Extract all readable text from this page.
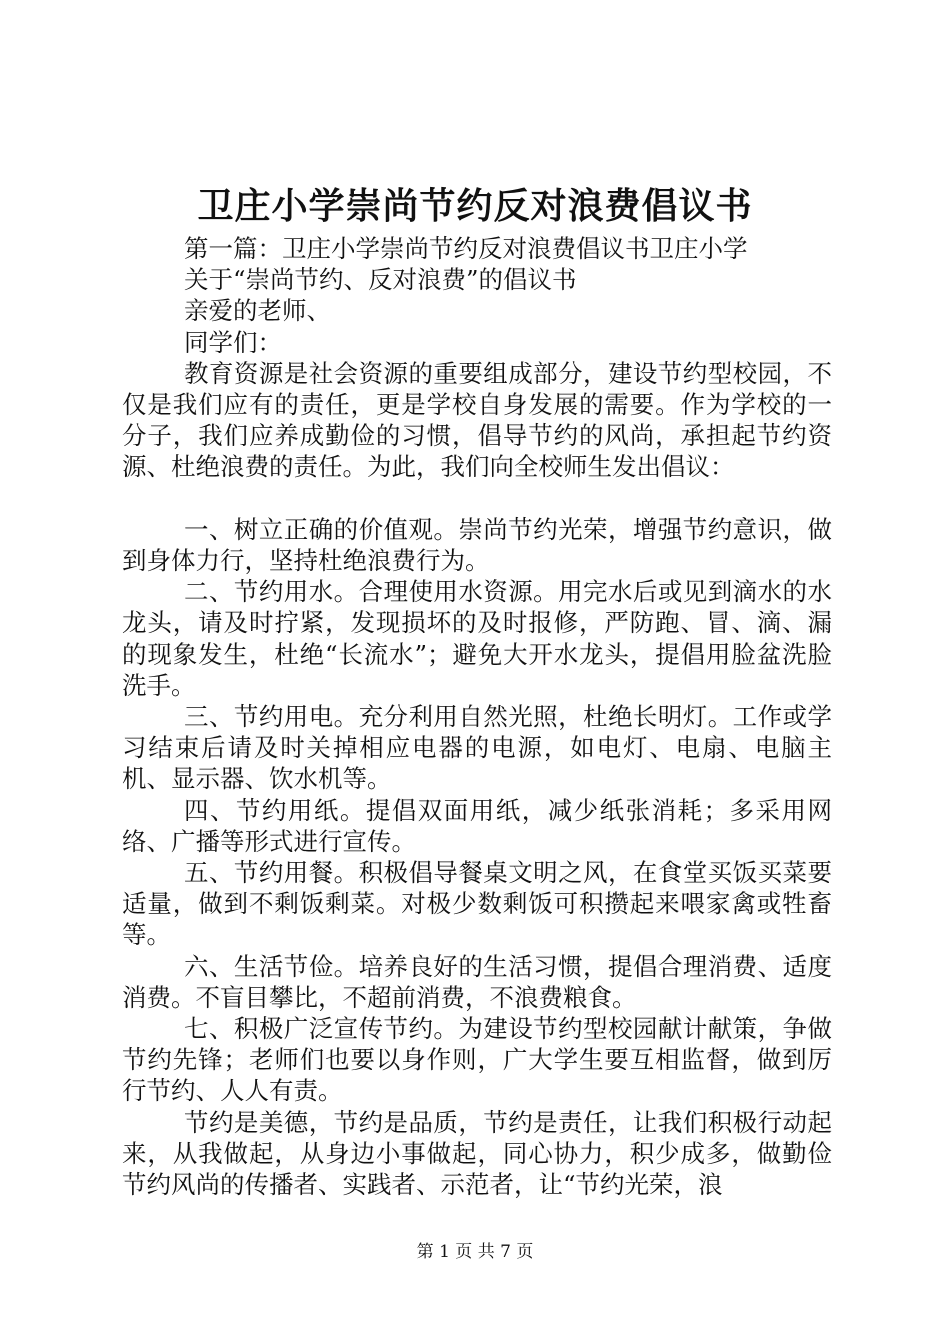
卫庄小学崇尚节约反对浪费倡议书

第一篇：卫庄小学崇尚节约反对浪费倡议书卫庄小学

关于“崇尚节约、反对浪费”的倡议书

亲爱的老师、

同学们：

教育资源是社会资源的重要组成部分，建设节约型校园，不仅是我们应有的责任，更是学校自身发展的需要。作为学校的一分子，我们应养成勤俭的习惯，倡导节约的风尚，承担起节约资源、杜绝浪费的责任。为此，我们向全校师生发出倡议：

一、树立正确的价值观。崇尚节约光荣，增强节约意识，做到身体力行，坚持杜绝浪费行为。

二、节约用水。合理使用水资源。用完水后或见到滴水的水龙头，请及时拧紧，发现损坏的及时报修，严防跑、冒、滴、漏的现象发生，杜绝“长流水”；避免大开水龙头，提倡用脸盆洗脸洗手。

三、节约用电。充分利用自然光照，杜绝长明灯。工作或学习结束后请及时关掉相应电器的电源，如电灯、电扇、电脑主机、显示器、饮水机等。

四、节约用纸。提倡双面用纸，减少纸张消耗；多采用网络、广播等形式进行宣传。

五、节约用餐。积极倡导餐桌文明之风，在食堂买饭买菜要适量，做到不剩饭剩菜。对极少数剩饭可积攒起来喂家禽或牲畜等。

六、生活节俭。培养良好的生活习惯，提倡合理消费、适度消费。不盲目攀比，不超前消费，不浪费粮食。

七、积极广泛宣传节约。为建设节约型校园献计献策，争做节约先锋；老师们也要以身作则，广大学生要互相监督，做到厉行节约、人人有责。

节约是美德，节约是品质，节约是责任，让我们积极行动起来，从我做起，从身边小事做起，同心协力，积少成多，做勤俭节约风尚的传播者、实践者、示范者，让“节约光荣，浪

第 1 页 共 7 页
